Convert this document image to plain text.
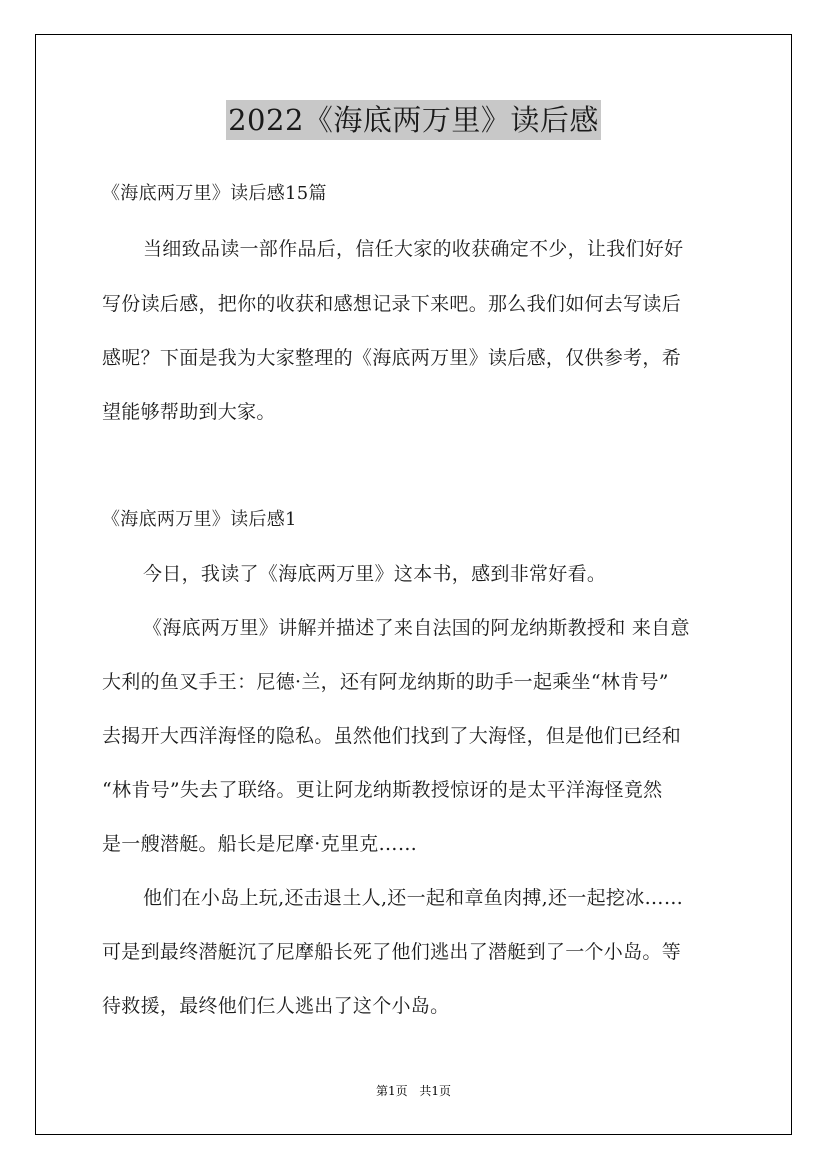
2022《海底两万里》读后感
《海底两万里》读后感15篇
当细致品读一部作品后，信任大家的收获确定不少，让我们好好
写份读后感，把你的收获和感想记录下来吧。那么我们如何去写读后
感呢？下面是我为大家整理的《海底两万里》读后感，仅供参考，希
望能够帮助到大家。
《海底两万里》读后感1
今日，我读了《海底两万里》这本书，感到非常好看。
《海底两万里》讲解并描述了来自法国的阿龙纳斯教授和 来自意
大利的鱼叉手王：尼德·兰，还有阿龙纳斯的助手一起乘坐“林肯号”
去揭开大西洋海怪的隐私。虽然他们找到了大海怪，但是他们已经和
“林肯号”失去了联络。更让阿龙纳斯教授惊讶的是太平洋海怪竟然
是一艘潜艇。船长是尼摩·克里克……
他们在小岛上玩,还击退土人,还一起和章鱼肉搏,还一起挖冰……
可是到最终潜艇沉了尼摩船长死了他们逃出了潜艇到了一个小岛。等
待救援，最终他们仨人逃出了这个小岛。
第1页 共1页
